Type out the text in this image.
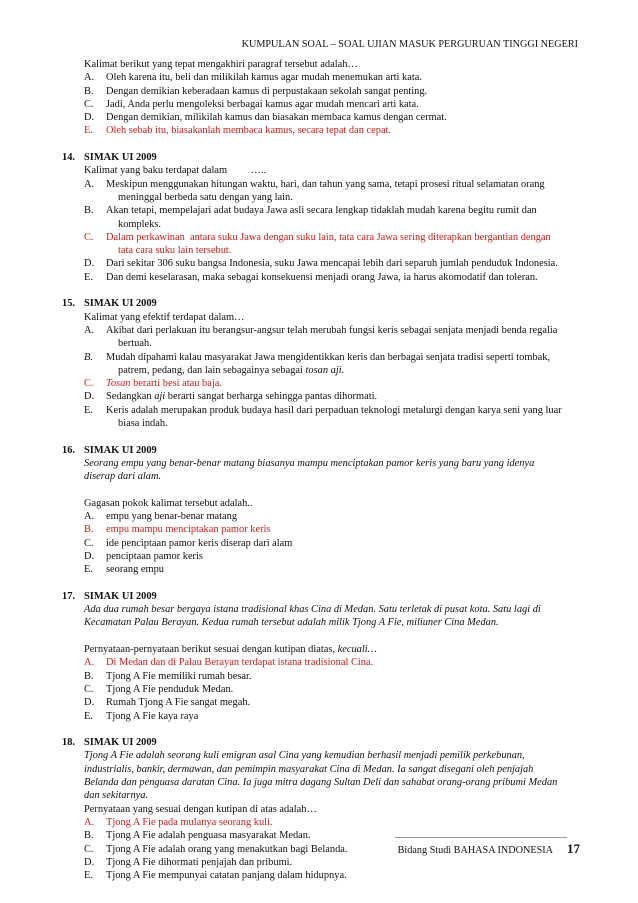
KUMPULAN SOAL – SOAL UJIAN MASUK PERGURUAN TINGGI NEGERI
Kalimat berikut yang tepat mengakhiri paragraf tersebut adalah…
A. Oleh karena itu, beli dan milikilah kamus agar mudah menemukan arti kata.
B. Dengan demikian keberadaan kamus di perpustakaan sekolah sangat penting.
C. Jadi, Anda perlu mengoleksi berbagai kamus agar mudah mencari arti kata.
D. Dengan demikian, milikilah kamus dan biasakan membaca kamus dengan cermat.
E. Oleh sebab itu, biasakanlah membaca kamus, secara tepat dan cepat.
14. SIMAK UI 2009
Kalimat yang baku terdapat dalam         …..
A. Meskipun menggunakan hitungan waktu, hari, dan tahun yang sama, tetapi prosesi ritual selamatan orang
meninggal berbeda satu dengan yang lain.
B. Akan tetapi, mempelajari adat budaya Jawa asli secara lengkap tidaklah mudah karena begitu rumit dan
kompleks.
C. Dalam perkawinan  antara suku Jawa dengan suku lain, tata cara Jawa sering diterapkan bergantian dengan
tata cara suku lain tersebut.
D. Dari sekitar 306 suku bangsa Indonesia, suku Jawa mencapai lebih dari separuh jumlah penduduk Indonesia.
E. Dan demi keselarasan, maka sebagai konsekuensi menjadi orang Jawa, ia harus akomodatif dan toleran.
15. SIMAK UI 2009
Kalimat yang efektif terdapat dalam…
A. Akibat dari perlakuan itu berangsur-angsur telah merubah fungsi keris sebagai senjata menjadi benda regalia
bertuah.
B. Mudah dipahami kalau masyarakat Jawa mengidentikkan keris dan berbagai senjata tradisi seperti tombak,
patrem, pedang, dan lain sebagainya sebagai tosan aji.
C. Tosan berarti besi atau baja.
D. Sedangkan aji berarti sangat berharga sehingga pantas dihormati.
E. Keris adalah merupakan produk budaya hasil dari perpaduan teknologi metalurgi dengan karya seni yang luar
biasa indah.
16. SIMAK UI 2009
Seorang empu yang benar-benar matang biasanya mampu menciptakan pamor keris yang baru yang idenya
diserap dari alam.
Gagasan pokok kalimat tersebut adalah..
A. empu yang benar-benar matang
B. empu mampu menciptakan pamor keris
C. ide penciptaan pamor keris diserap dari alam
D. penciptaan pamor keris
E. seorang empu
17. SIMAK UI 2009
Ada dua rumah besar bergaya istana tradisional khas Cina di Medan. Satu terletak di pusat kota. Satu lagi di
Kecamatan Palau Berayan. Kedua rumah tersebut adalah milik Tjong A Fie, miliuner Cina Medan.
Pernyataan-pernyataan berikut sesuai dengan kutipan diatas, kecuali…
A. Di Medan dan di Palau Berayan terdapat istana tradisional Cina.
B. Tjong A Fie memiliki rumah besar.
C. Tjong A Fie penduduk Medan.
D. Rumah Tjong A Fie sangat megah.
E. Tjong A Fie kaya raya
18. SIMAK UI 2009
Tjong A Fie adalah seorang kuli emigran asal Cina yang kemudian berhasil menjadi pemilik perkebunan,
industrialis, bankir, dermawan, dan pemimpin masyarakat Cina di Medan. Ia sangat disegani oleh penjajah
Belanda dan penguasa daratan Cina. Ia juga mitra dagang Sultan Deli dan sahabat orang-orang pribumi Medan
dan sekitarnya.
Pernyataan yang sesuai dengan kutipan di atas adalah…
A. Tjong A Fie pada mulanya seorang kuli.
B. Tjong A Fie adalah penguasa masyarakat Medan.
C. Tjong A Fie adalah orang yang menakutkan bagi Belanda.
D. Tjong A Fie dihormati penjajah dan pribumi.
E. Tjong A Fie mempunyai catatan panjang dalam hidupnya.
Bidang Studi BAHASA INDONESIA 17
